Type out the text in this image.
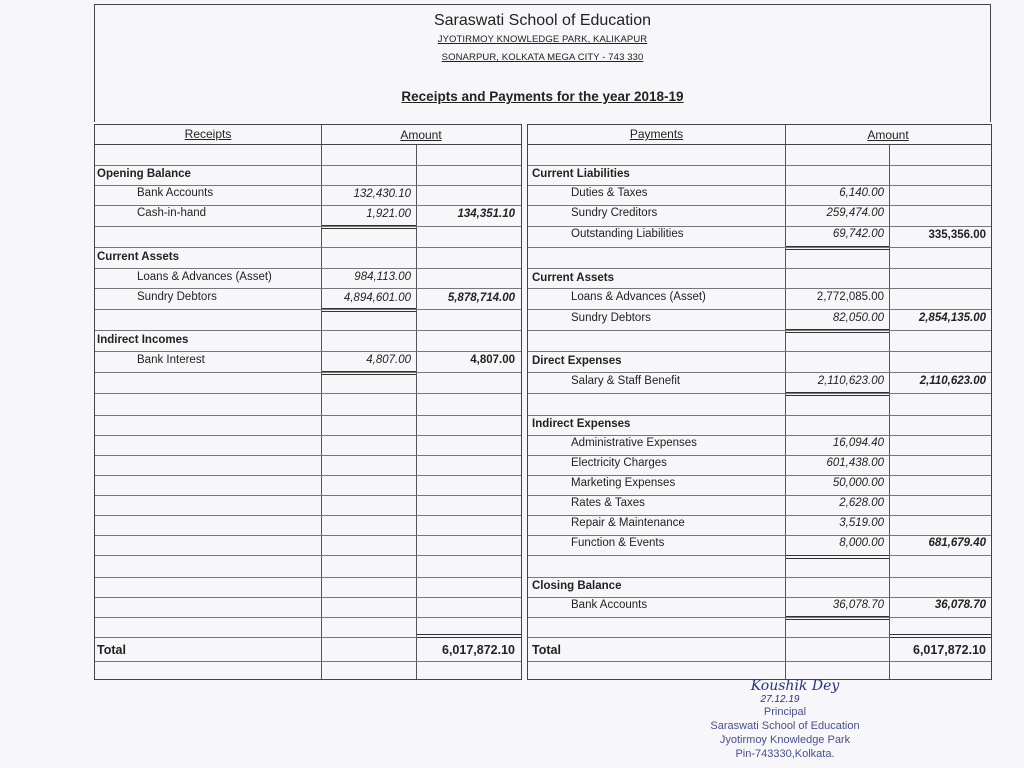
Saraswati School of Education
JYOTIRMOY KNOWLEDGE PARK, KALIKAPUR
SONARPUR, KOLKATA MEGA CITY - 743 330
Receipts and Payments for the year 2018-19
Receipts	Amount
Opening Balance
Bank Accounts	132,430.10
Cash-in-hand	1,921.00	134,351.10
Current Assets
Loans & Advances (Asset)	984,113.00
Sundry Debtors	4,894,601.00	5,878,714.00
Indirect Incomes
Bank Interest	4,807.00	4,807.00
Total	6,017,872.10
Payments	Amount
Current Liabilities
Duties & Taxes	6,140.00
Sundry Creditors	259,474.00
Outstanding Liabilities	69,742.00	335,356.00
Current Assets
Loans & Advances (Asset)	2,772,085.00
Sundry Debtors	82,050.00	2,854,135.00
Direct Expenses
Salary & Staff Benefit	2,110,623.00	2,110,623.00
Indirect Expenses
Administrative Expenses	16,094.40
Electricity Charges	601,438.00
Marketing Expenses	50,000.00
Rates & Taxes	2,628.00
Repair & Maintenance	3,519.00
Function & Events	8,000.00	681,679.40
Closing Balance
Bank Accounts	36,078.70	36,078.70
Total	6,017,872.10
Koushik Dey
27.12.19
Principal
Saraswati School of Education
Jyotirmoy Knowledge Park
Pin-743330,Kolkata.
